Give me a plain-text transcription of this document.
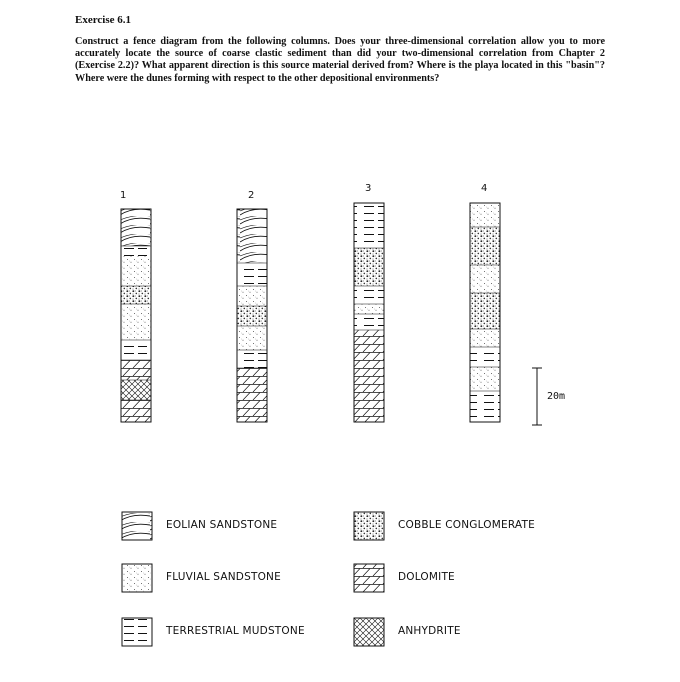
Exercise 6.1

Construct a fence diagram from the following columns. Does your three-dimensional correlation allow you to more accurately locate the source of coarse clastic sediment than did your two-dimensional correlation from Chapter 2 (Exercise 2.2)? What apparent direction is this source material derived from? Where is the playa located in this "basin"? Where were the dunes forming with respect to the other depositional environments?

1	2
3	4
20m
EOLIAN SANDSTONE
FLUVIAL SANDSTONE
TERRESTRIAL MUDSTONE
COBBLE CONGLOMERATE
DOLOMITE
ANHYDRITE
